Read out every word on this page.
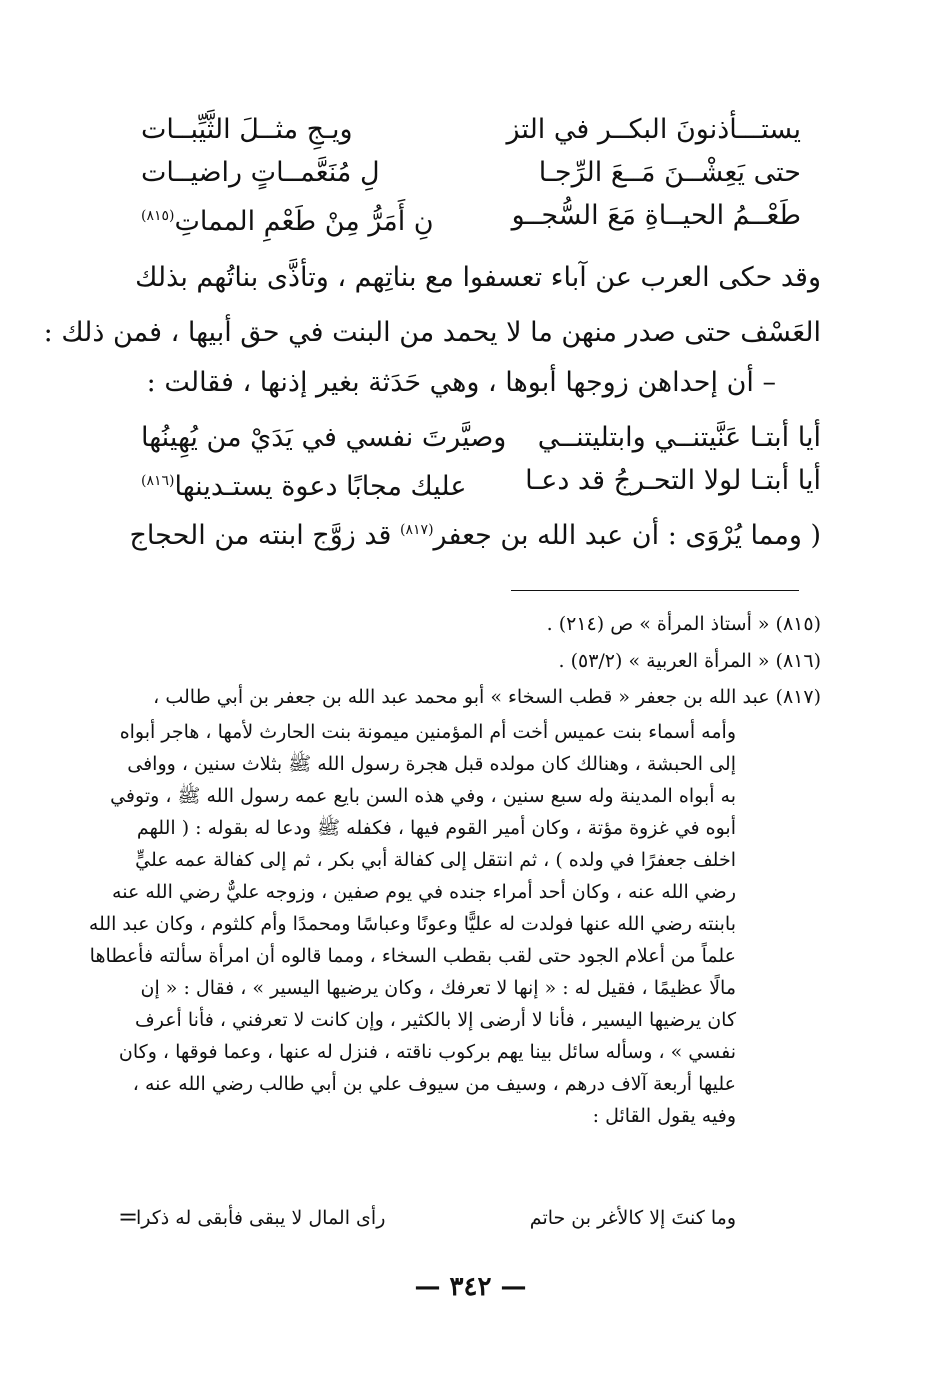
يستـــأذنونَ البكــر في التز
ويـجِ مثــلَ الثَّيِّبــات
حتى يَعِشْــنَ مَــعَ الرِّجـا
لِ مُنَعَّمــاتٍ راضيــات
طَعْــمُ الحيــاةِ مَعَ السُّجــو
نِ أَمَرُّ مِنْ طَعْمِ المماتِ$^{(٨١٥)}$
وقد حكى العرب عن آباء تعسفوا مع بناتِهم ، وتأذَّى بناتُهم بذلك
العَسْف حتى صدر منهن ما لا يحمد من البنت في حق أبيها ، فمن ذلك :
– أن إحداهن زوجها أبوها ، وهي حَدَثة بغير إذنها ، فقالت :
أيا أبتـا عَنَّيتنــي وابتليتنــي
وصيَّرتَ نفسي في يَدَيْ من يُهِينُها
أيا أبتـا لولا التحـرجُ قد دعـا
عليك مجابًا دعوة يستـدينها$^{(٨١٦)}$
( ومما يُرْوَى : أن عبد الله بن جعفر$^{(٨١٧)}$ قد زوَّج ابنته من الحجاج
(٨١٥)« أستاذ المرأة » ص (٢١٤) .
(٨١٦)« المرأة العربية » (٥٣/٢) .
(٨١٧)عبد الله بن جعفر « قطب السخاء » أبو محمد عبد الله بن جعفر بن أبي طالب ،
وأمه أسماء بنت عميس أخت أم المؤمنين ميمونة بنت الحارث لأمها ، هاجر أبواه
إلى الحبشة ، وهنالك كان مولده قبل هجرة رسول الله ﷺ بثلاث سنين ، ووافى
به أبواه المدينة وله سبع سنين ، وفي هذه السن بايع عمه رسول الله ﷺ ، وتوفي
أبوه في غزوة مؤتة ، وكان أمير القوم فيها ، فكفله ﷺ ودعا له بقوله : ( اللهم
اخلف جعفرًا في ولده ) ، ثم انتقل إلى كفالة أبي بكر ، ثم إلى كفالة عمه عليٍّ
رضي الله عنه ، وكان أحد أمراء جنده في يوم صفين ، وزوجه عليٌّ رضي الله عنه
بابنته رضي الله عنها فولدت له عليًّا وعونًا وعباسًا ومحمدًا وأم كلثوم ، وكان عبد الله
علماً من أعلام الجود حتى لقب بقطب السخاء ، ومما قالوه أن امرأة سألته فأعطاها
مالًا عظيمًا ، فقيل له : « إنها لا تعرفك ، وكان يرضيها اليسير » ، فقال : « إن
كان يرضيها اليسير ، فأنا لا أرضى إلا بالكثير ، وإن كانت لا تعرفني ، فأنا أعرف
نفسي » ، وسأله سائل بينا يهم بركوب ناقته ، فنزل له عنها ، وعما فوقها ، وكان
عليها أربعة آلاف درهم ، وسيف من سيوف علي بن أبي طالب رضي الله عنه ،
وفيه يقول القائل :
وما كنتَ إلا كالأغر بن حاتم
رأى المال لا يبقى فأبقى له ذكرا
=
— ٣٤٢ —
